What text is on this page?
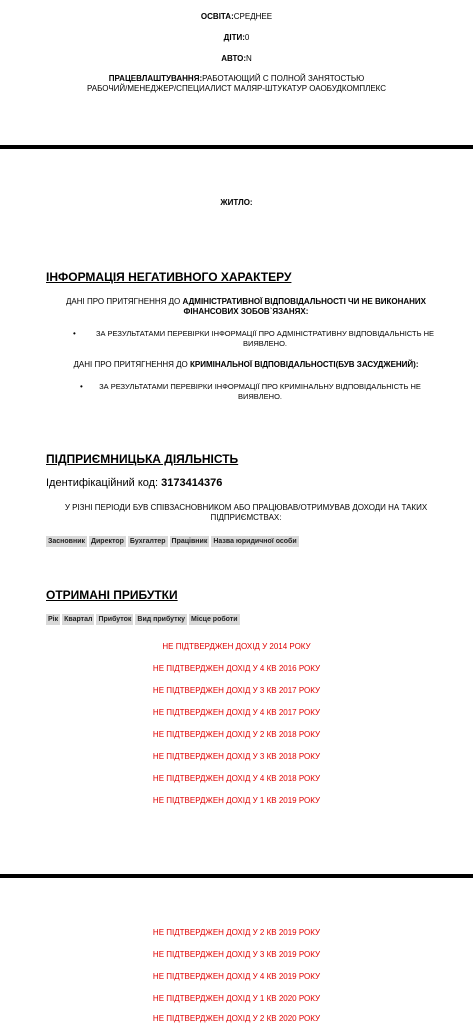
ОСВІТА:СРЕДНЕЕ
ДІТИ:0
АВТО:N
ПРАЦЕВЛАШТУВАННЯ:РАБОТАЮЩИЙ С ПОЛНОЙ ЗАНЯТОСТЬЮ
РАБОЧИЙ/МЕНЕДЖЕР/СПЕЦИАЛИСТ МАЛЯР-ШТУКАТУР ОАОБУДКОМПЛЕКС
ЖИТЛО:
ІНФОРМАЦІЯ НЕГАТИВНОГО ХАРАКТЕРУ
ДАНІ ПРО ПРИТЯГНЕННЯ ДО АДМІНІСТРАТИВНОЇ ВІДПОВІДАЛЬНОСТІ ЧИ НЕ ВИКОНАНИХ
ФІНАНСОВИХ ЗОБОВ`ЯЗАНЯХ:
•	ЗА РЕЗУЛЬТАТАМИ ПЕРЕВІРКИ ІНФОРМАЦІЇ ПРО АДМІНІСТРАТИВНУ ВІДПОВІДАЛЬНІСТЬ НЕ
ВИЯВЛЕНО.
ДАНІ ПРО ПРИТЯГНЕННЯ ДО КРИМІНАЛЬНОЇ ВІДПОВІДАЛЬНОСТІ(БУВ ЗАСУДЖЕНИЙ):
• ЗА РЕЗУЛЬТАТАМИ ПЕРЕВІРКИ ІНФОРМАЦІЇ ПРО КРИМІНАЛЬНУ ВІДПОВІДАЛЬНІСТЬ НЕ
ВИЯВЛЕНО.
ПІДПРИЄМНИЦЬКА ДІЯЛЬНІСТЬ
Ідентифікаційний код: 3173414376
У РІЗНІ ПЕРІОДИ БУВ СПІВЗАСНОВНИКОМ АБО ПРАЦЮВАВ/ОТРИМУВАВ ДОХОДИ НА ТАКИХ
ПІДПРИЄМСТВАХ:
Засновник Директор Бухгалтер Працівник Назва юридичної особи
ОТРИМАНІ ПРИБУТКИ
Рік Квартал Прибуток Вид прибутку Місце роботи
НЕ ПІДТВЕРДЖЕН ДОХІД У 2014 РОКУ
НЕ ПІДТВЕРДЖЕН ДОХІД У 4 КВ 2016 РОКУ
НЕ ПІДТВЕРДЖЕН ДОХІД У 3 КВ 2017 РОКУ
НЕ ПІДТВЕРДЖЕН ДОХІД У 4 КВ 2017 РОКУ
НЕ ПІДТВЕРДЖЕН ДОХІД У 2 КВ 2018 РОКУ
НЕ ПІДТВЕРДЖЕН ДОХІД У 3 КВ 2018 РОКУ
НЕ ПІДТВЕРДЖЕН ДОХІД У 4 КВ 2018 РОКУ
НЕ ПІДТВЕРДЖЕН ДОХІД У 1 КВ 2019 РОКУ
НЕ ПІДТВЕРДЖЕН ДОХІД У 2 КВ 2019 РОКУ
НЕ ПІДТВЕРДЖЕН ДОХІД У 3 КВ 2019 РОКУ
НЕ ПІДТВЕРДЖЕН ДОХІД У 4 КВ 2019 РОКУ
НЕ ПІДТВЕРДЖЕН ДОХІД У 1 КВ 2020 РОКУ
НЕ ПІДТВЕРДЖЕН ДОХІД У 2 КВ 2020 РОКУ
